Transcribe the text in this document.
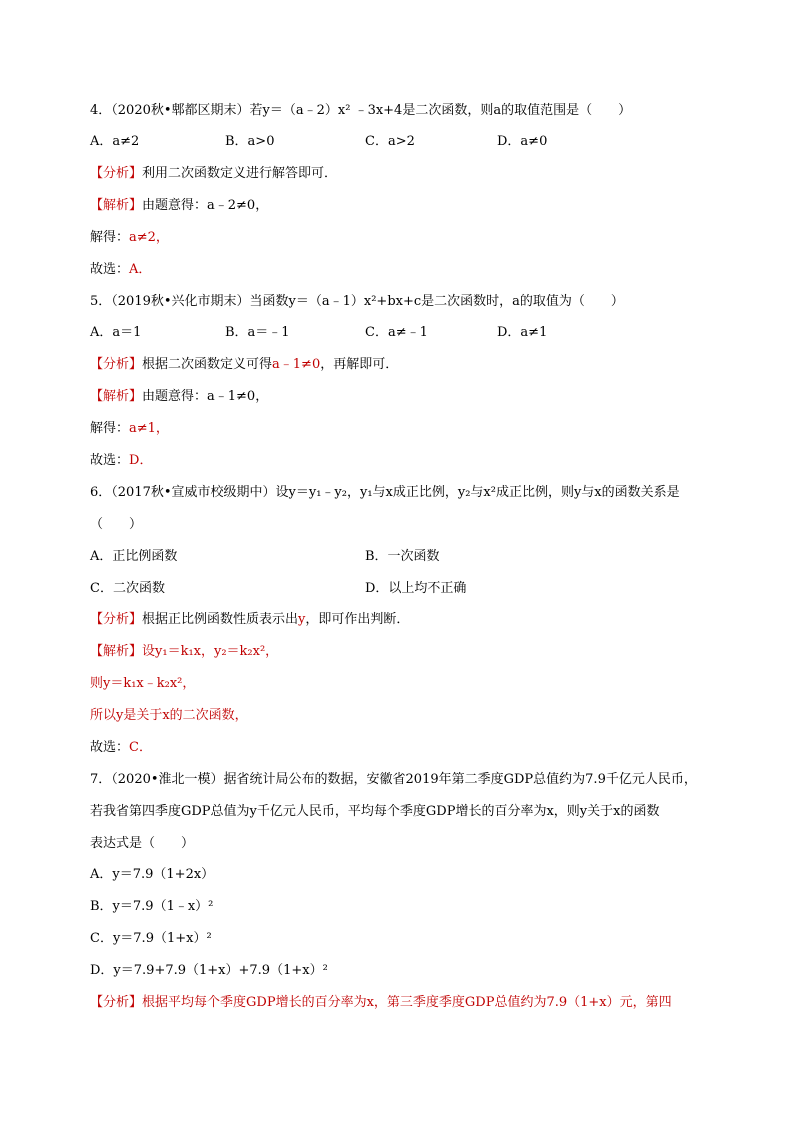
4．（2020秋•郫都区期末）若y＝（a﹣2）x² ﹣3x+4是二次函数，则a的取值范围是（　　）
A．a≠2	B．a>0	C．a>2	D．a≠0
【分析】利用二次函数定义进行解答即可．
【解析】由题意得：a﹣2≠0，
解得：a≠2，
故选：A．
5．（2019秋•兴化市期末）当函数y＝（a﹣1）x²+bx+c是二次函数时，a的取值为（　　）
A．a＝1	B．a＝﹣1	C．a≠﹣1	D．a≠1
【分析】根据二次函数定义可得a﹣1≠0，再解即可．
【解析】由题意得：a﹣1≠0，
解得：a≠1，
故选：D．
6．（2017秋•宣威市校级期中）设y＝y₁﹣y₂，y₁与x成正比例，y₂与x²成正比例，则y与x的函数关系是
（　　）
A．正比例函数	B．一次函数
C．二次函数	D．以上均不正确
【分析】根据正比例函数性质表示出y，即可作出判断．
【解析】设y₁＝k₁x，y₂＝k₂x²，
则y＝k₁x﹣k₂x²，
所以y是关于x的二次函数，
故选：C．
7．（2020•淮北一模）据省统计局公布的数据，安徽省2019年第二季度GDP总值约为7.9千亿元人民币，
若我省第四季度GDP总值为y千亿元人民币，平均每个季度GDP增长的百分率为x，则y关于x的函数
表达式是（　　）
A．y＝7.9（1+2x）
B．y＝7.9（1﹣x）²
C．y＝7.9（1+x）²
D．y＝7.9+7.9（1+x）+7.9（1+x）²
【分析】根据平均每个季度GDP增长的百分率为x，第三季度季度GDP总值约为7.9（1+x）元，第四
